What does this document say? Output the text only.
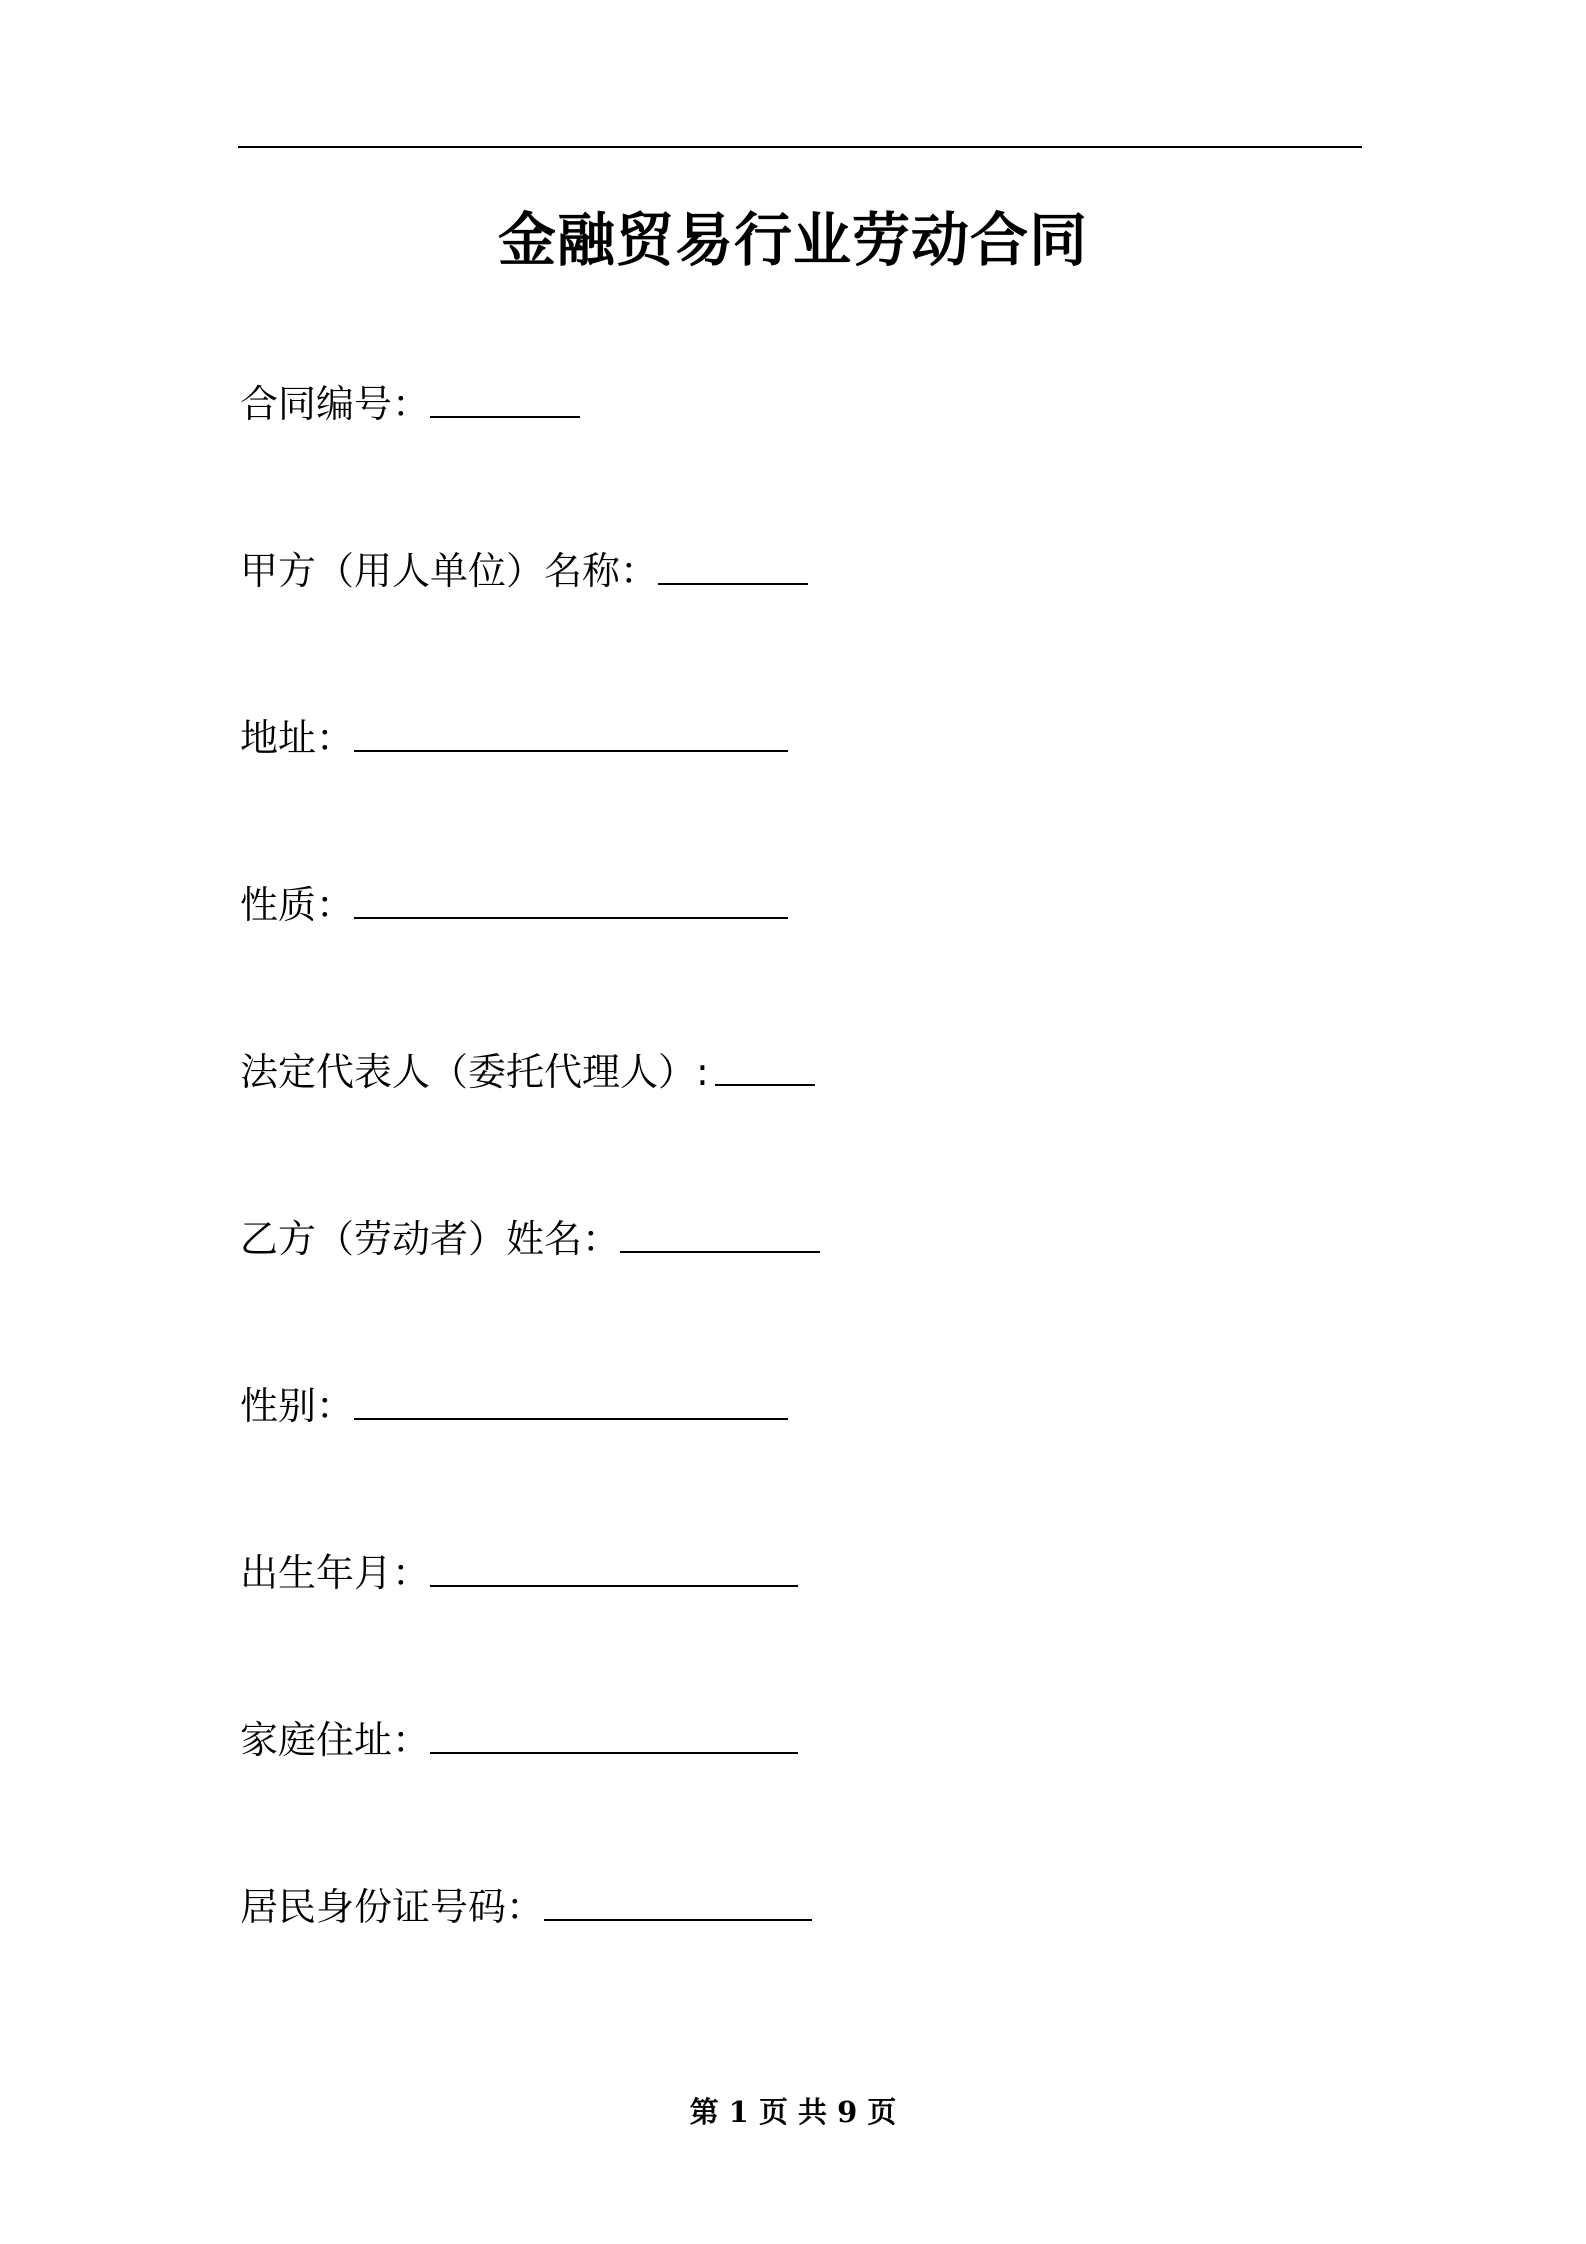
金融贸易行业劳动合同
合同编号：
甲方（用人单位）名称：
地址：
性质：
法定代表人（委托代理人）:
乙方（劳动者）姓名：
性别：
出生年月：
家庭住址：
居民身份证号码：
第 1 页 共 9 页
